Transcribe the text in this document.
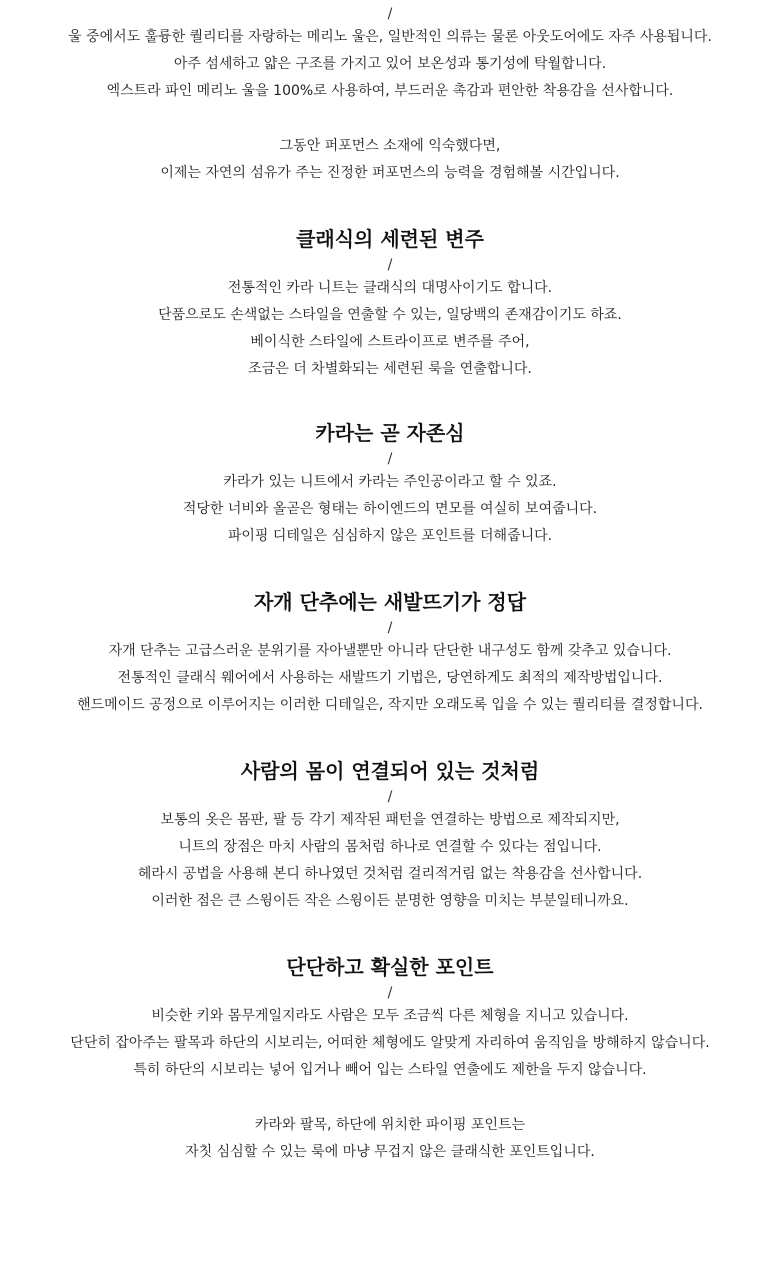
/
울 중에서도 훌륭한 퀄리티를 자랑하는 메리노 울은, 일반적인 의류는 물론 아웃도어에도 자주 사용됩니다.
아주 섬세하고 얇은 구조를 가지고 있어 보온성과 통기성에 탁월합니다.
엑스트라 파인 메리노 울을 100%로 사용하여, 부드러운 촉감과 편안한 착용감을 선사합니다.
그동안 퍼포먼스 소재에 익숙했다면,
이제는 자연의 섬유가 주는 진정한 퍼포먼스의 능력을 경험해볼 시간입니다.
클래식의 세련된 변주
/
전통적인 카라 니트는 클래식의 대명사이기도 합니다.
단품으로도 손색없는 스타일을 연출할 수 있는, 일당백의 존재감이기도 하죠.
베이식한 스타일에 스트라이프로 변주를 주어,
조금은 더 차별화되는 세련된 룩을 연출합니다.
카라는 곧 자존심
/
카라가 있는 니트에서 카라는 주인공이라고 할 수 있죠.
적당한 너비와 올곧은 형태는 하이엔드의 면모를 여실히 보여줍니다.
파이핑 디테일은 심심하지 않은 포인트를 더해줍니다.
자개 단추에는 새발뜨기가 정답
/
자개 단추는 고급스러운 분위기를 자아낼뿐만 아니라 단단한 내구성도 함께 갖추고 있습니다.
전통적인 클래식 웨어에서 사용하는 새발뜨기 기법은, 당연하게도 최적의 제작방법입니다.
핸드메이드 공정으로 이루어지는 이러한 디테일은, 작지만 오래도록 입을 수 있는 퀄리티를 결정합니다.
사람의 몸이 연결되어 있는 것처럼
/
보통의 옷은 몸판, 팔 등 각기 제작된 패턴을 연결하는 방법으로 제작되지만,
니트의 장점은 마치 사람의 몸처럼 하나로 연결할 수 있다는 점입니다.
헤라시 공법을 사용해 본디 하나였던 것처럼 걸리적거림 없는 착용감을 선사합니다.
이러한 점은 큰 스윙이든 작은 스윙이든 분명한 영향을 미치는 부분일테니까요.
단단하고 확실한 포인트
/
비슷한 키와 몸무게일지라도 사람은 모두 조금씩 다른 체형을 지니고 있습니다.
단단히 잡아주는 팔목과 하단의 시보리는, 어떠한 체형에도 알맞게 자리하여 움직임을 방해하지 않습니다.
특히 하단의 시보리는 넣어 입거나 빼어 입는 스타일 연출에도 제한을 두지 않습니다.
카라와 팔목, 하단에 위치한 파이핑 포인트는
자칫 심심할 수 있는 룩에 마냥 무겁지 않은 클래식한 포인트입니다.
